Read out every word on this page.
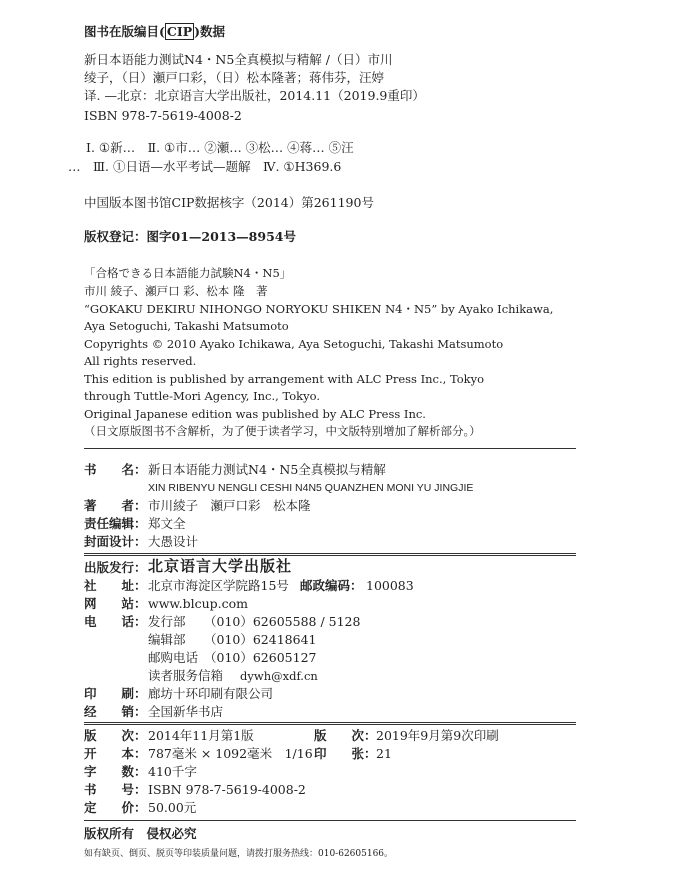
图书在版编目( CIP )数据
新日本语能力测试N4・N5全真模拟与精解 /（日）市川
绫子，（日）瀬戸口彩，（日）松本隆著；蒋伟芬，汪婷
译. —北京：北京语言大学出版社，2014.11（2019.9重印）
ISBN 978-7-5619-4008-2
Ⅰ. ①新…　Ⅱ. ①市… ②瀬… ③松… ④蒋… ⑤汪
…　Ⅲ. ①日语—水平考试—题解　Ⅳ. ①H369.6
中国版本图书馆CIP数据核字（2014）第261190号
版权登记：图字01—2013—8954号
「合格できる日本語能力試験N4・N5」
市川 綾子、瀬戸口 彩、松本 隆　著
“GOKAKU DEKIRU NIHONGO NORYOKU SHIKEN N4・N5” by Ayako Ichikawa,
Aya Setoguchi, Takashi Matsumoto
Copyrights © 2010 Ayako Ichikawa, Aya Setoguchi, Takashi Matsumoto
All rights reserved.
This edition is published by arrangement with ALC Press Inc., Tokyo
through Tuttle-Mori Agency, Inc., Tokyo.
Original Japanese edition was published by ALC Press Inc.
（日文原版图书不含解析，为了便于读者学习，中文版特别增加了解析部分。）
书　　名： 新日本语能力测试N4・N5全真模拟与精解
XIN RIBENYU NENGLI CESHI N4N5 QUANZHEN MONI YU JINGJIE
著　　者： 市川綾子　瀬戸口彩　松本隆
责任编辑： 郑文全
封面设计： 大愚设计
出版发行： 北京语言大学出版社
社　　址： 北京市海淀区学院路15号 邮政编码： 100083
网　　站： www.blcup.com
电　　话： 发行部 （010）62605588 / 5128
编辑部 （010）62418641
邮购电话 （010）62605127
读者服务信箱 dywh@xdf.cn
印　　刷： 廊坊十环印刷有限公司
经　　销： 全国新华书店
版　　次： 2014年11月第1版	版　　次： 2019年9月第9次印刷
开　　本： 787毫米 × 1092毫米　1/16 印　　张： 21
字　　数： 410千字
书　　号： ISBN 978-7-5619-4008-2
定　　价： 50.00元
版权所有　侵权必究
如有缺页、倒页、脱页等印装质量问题，请拨打服务热线：010-62605166。
